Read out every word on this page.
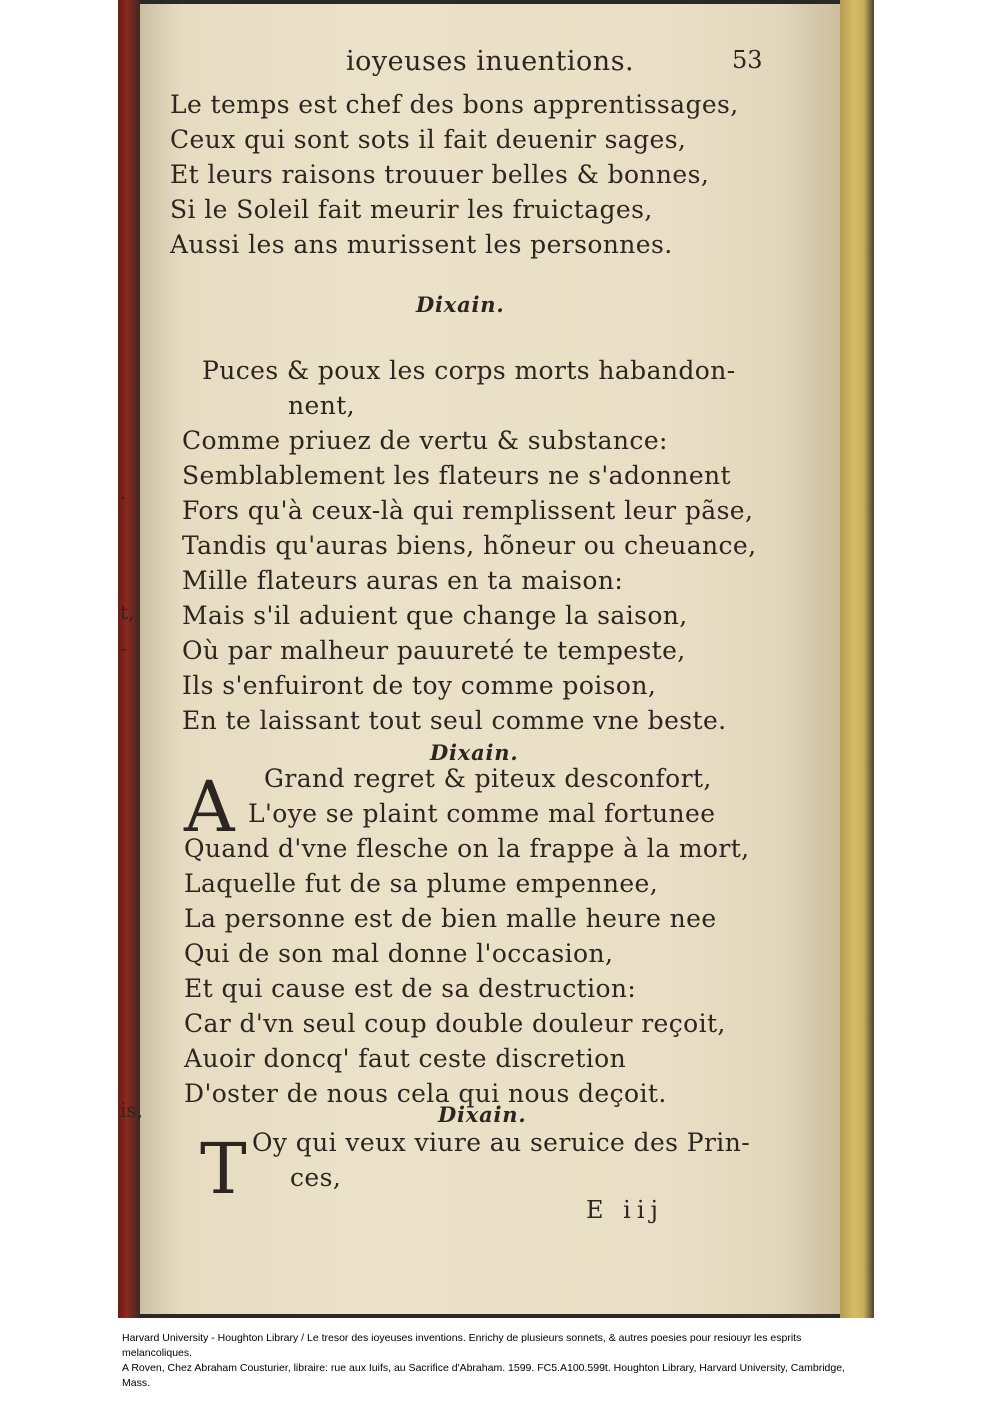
ioyeuses inuentions.	53
Le temps est chef des bons apprentissages,
Ceux qui sont sots il fait deuenir sages,
Et leurs raisons trouuer belles & bonnes,
Si le Soleil fait meurir les fruictages,
Aussi les ans murissent les personnes.
Dixain.
Puces & poux les corps morts habandon-
nent,
Comme priuez de vertu & substance:
Semblablement les flateurs ne s'adonnent
Fors qu'à ceux-là qui remplissent leur pãse,
Tandis qu'auras biens, hõneur ou cheuance,
Mille flateurs auras en ta maison:
Mais s'il aduient que change la saison,
Où par malheur pauureté te tempeste,
Ils s'enfuiront de toy comme poison,
En te laissant tout seul comme vne beste.
Dixain.
A Grand regret & piteux desconfort,
L'oye se plaint comme mal fortunee
Quand d'vne flesche on la frappe à la mort,
Laquelle fut de sa plume empennee,
La personne est de bien malle heure nee
Qui de son mal donne l'occasion,
Et qui cause est de sa destruction:
Car d'vn seul coup double douleur reçoit,
Auoir doncq' faut ceste discretion
D'oster de nous cela qui nous deçoit.
Dixain.
T Oy qui veux viure au seruice des Prin-
ces,
E iij
.
t,
-
is,
Harvard University - Houghton Library / Le tresor des ioyeuses inventions. Enrichy de plusieurs sonnets, & autres poesies pour resiouyr les esprits melancoliques.
A Roven, Chez Abraham Cousturier, libraire: rue aux Iuifs, au Sacrifice d'Abraham. 1599. FC5.A100.599t. Houghton Library, Harvard University, Cambridge, Mass.
